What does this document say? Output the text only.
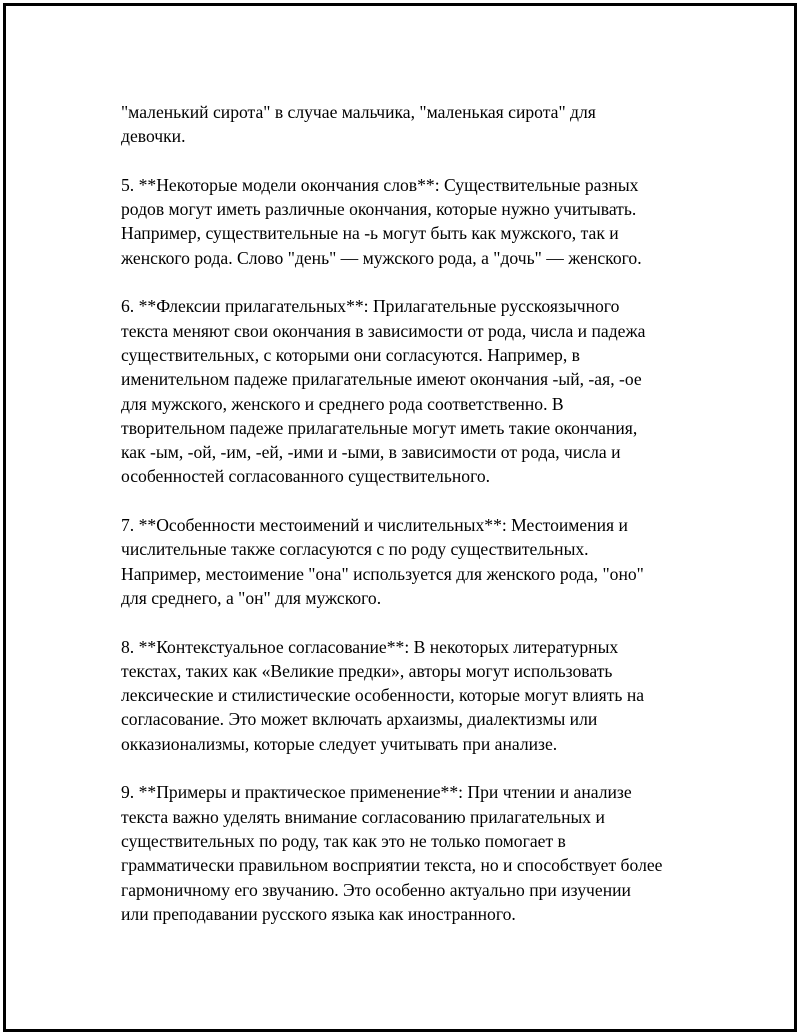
"маленький сирота" в случае мальчика, "маленькая сирота" для
девочки.

5. **Некоторые модели окончания слов**: Существительные разных
родов могут иметь различные окончания, которые нужно учитывать.
Например, существительные на -ь могут быть как мужского, так и
женского рода. Слово "день" — мужского рода, а "дочь" — женского.

6. **Флексии прилагательных**: Прилагательные русскоязычного
текста меняют свои окончания в зависимости от рода, числа и падежа
существительных, с которыми они согласуются. Например, в
именительном падеже прилагательные имеют окончания -ый, -ая, -ое
для мужского, женского и среднего рода соответственно. В
творительном падеже прилагательные могут иметь такие окончания,
как -ым, -ой, -им, -ей, -ими и -ыми, в зависимости от рода, числа и
особенностей согласованного существительного.

7. **Особенности местоимений и числительных**: Местоимения и
числительные также согласуются с по роду существительных.
Например, местоимение "она" используется для женского рода, "оно"
для среднего, а "он" для мужского.

8. **Контекстуальное согласование**: В некоторых литературных
текстах, таких как «Великие предки», авторы могут использовать
лексические и стилистические особенности, которые могут влиять на
согласование. Это может включать архаизмы, диалектизмы или
окказионализмы, которые следует учитывать при анализе.

9. **Примеры и практическое применение**: При чтении и анализе
текста важно уделять внимание согласованию прилагательных и
существительных по роду, так как это не только помогает в
грамматически правильном восприятии текста, но и способствует более
гармоничному его звучанию. Это особенно актуально при изучении
или преподавании русского языка как иностранного.
